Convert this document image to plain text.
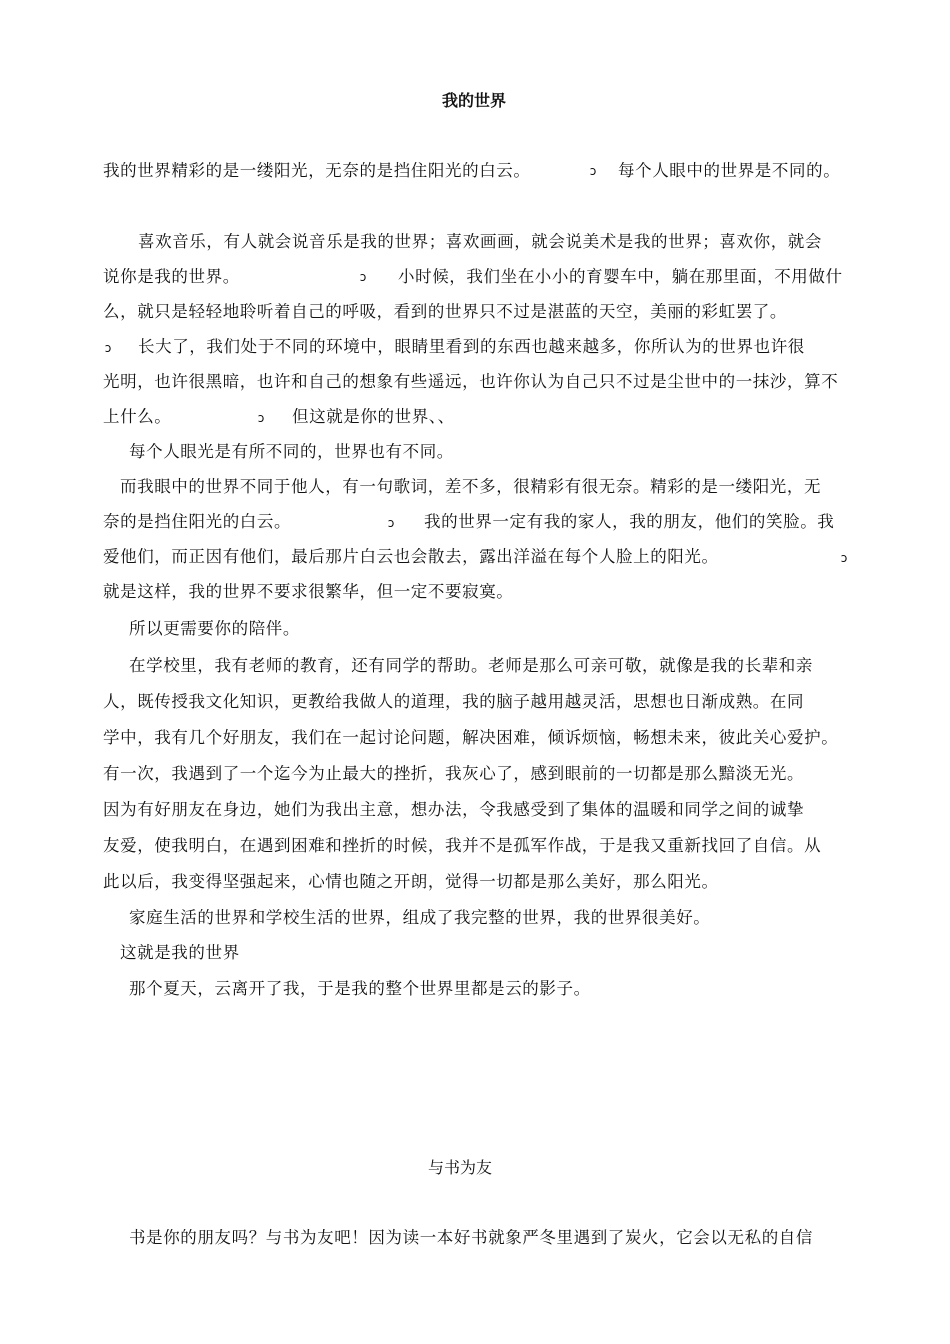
我的世界
我的世界精彩的是一缕阳光，无奈的是挡住阳光的白云。	ↄ 每个人眼中的世界是不同的。
喜欢音乐，有人就会说音乐是我的世界；喜欢画画，就会说美术是我的世界；喜欢你，就会
说你是我的世界。	ↄ 小时候，我们坐在小小的育婴车中，躺在那里面，不用做什
么，就只是轻轻地聆听着自己的呼吸，看到的世界只不过是湛蓝的天空，美丽的彩虹罢了。
ↄ 长大了，我们处于不同的环境中，眼睛里看到的东西也越来越多，你所认为的世界也许很
光明，也许很黑暗，也许和自己的想象有些遥远，也许你认为自己只不过是尘世中的一抹沙，算不
上什么。	ↄ 但这就是你的世界、、
每个人眼光是有所不同的，世界也有不同。
而我眼中的世界不同于他人，有一句歌词，差不多，很精彩有很无奈。精彩的是一缕阳光，无
奈的是挡住阳光的白云。	ↄ 我的世界一定有我的家人，我的朋友，他们的笑脸。我
爱他们，而正因有他们，最后那片白云也会散去，露出洋溢在每个人脸上的阳光。	ↄ
就是这样，我的世界不要求很繁华，但一定不要寂寞。
所以更需要你的陪伴。
在学校里，我有老师的教育，还有同学的帮助。老师是那么可亲可敬，就像是我的长辈和亲
人，既传授我文化知识，更教给我做人的道理，我的脑子越用越灵活，思想也日渐成熟。在同
学中，我有几个好朋友，我们在一起讨论问题，解决困难，倾诉烦恼，畅想未来，彼此关心爱护。
有一次，我遇到了一个迄今为止最大的挫折，我灰心了，感到眼前的一切都是那么黯淡无光。
因为有好朋友在身边，她们为我出主意，想办法，令我感受到了集体的温暖和同学之间的诚挚
友爱，使我明白，在遇到困难和挫折的时候，我并不是孤军作战，于是我又重新找回了自信。从
此以后，我变得坚强起来，心情也随之开朗，觉得一切都是那么美好，那么阳光。
家庭生活的世界和学校生活的世界，组成了我完整的世界，我的世界很美好。
这就是我的世界
那个夏天，云离开了我，于是我的整个世界里都是云的影子。
与书为友
书是你的朋友吗？与书为友吧！因为读一本好书就象严冬里遇到了炭火，它会以无私的自信
